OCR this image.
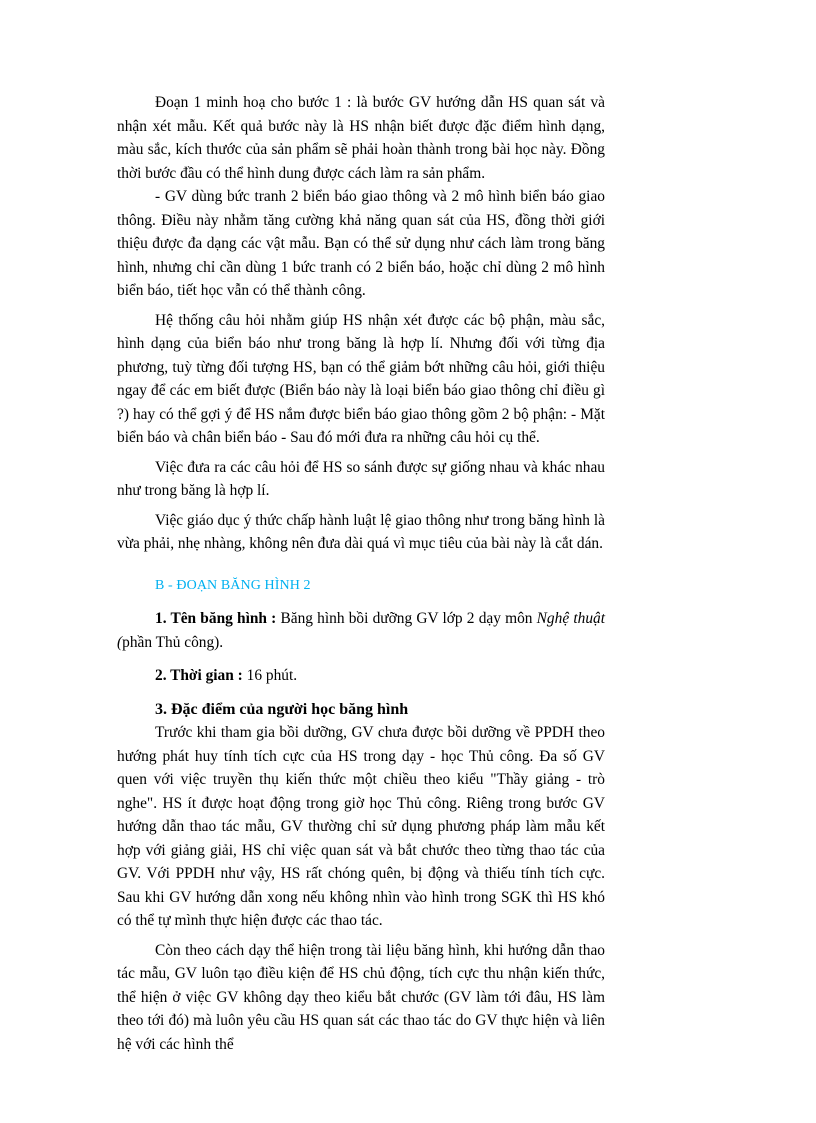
Đoạn 1 minh hoạ cho bước 1 : là bước GV hướng dẫn HS quan sát và nhận xét mẫu. Kết quả bước này là HS nhận biết được đặc điểm hình dạng, màu sắc, kích thước của sản phẩm sẽ phải hoàn thành trong bài học này. Đồng thời bước đầu có thể hình dung được cách làm ra sản phẩm.

- GV dùng bức tranh 2 biển báo giao thông và 2 mô hình biển báo giao thông. Điều này nhằm tăng cường khả năng quan sát của HS, đồng thời giới thiệu được đa dạng các vật mẫu. Bạn có thể sử dụng như cách làm trong băng hình, nhưng chỉ cần dùng 1 bức tranh có 2 biển báo, hoặc chỉ dùng 2 mô hình biển báo, tiết học vẫn có thể thành công.

Hệ thống câu hỏi nhằm giúp HS nhận xét được các bộ phận, màu sắc, hình dạng của biển báo như trong băng là hợp lí. Nhưng đối với từng địa phương, tuỳ từng đối tượng HS, bạn có thể giảm bớt những câu hỏi, giới thiệu ngay để các em biết được (Biển báo này là loại biển báo giao thông chỉ điều gì ?) hay có thể gợi ý để HS nắm được biển báo giao thông gồm 2 bộ phận: - Mặt biển báo và chân biển báo - Sau đó mới đưa ra những câu hỏi cụ thể.

Việc đưa ra các câu hỏi để HS so sánh được sự giống nhau và khác nhau như trong băng là hợp lí.

Việc giáo dục ý thức chấp hành luật lệ giao thông như trong băng hình là vừa phải, nhẹ nhàng, không nên đưa dài quá vì mục tiêu của bài này là cắt dán.

B - ĐOẠN BĂNG HÌNH 2

1. Tên băng hình : Băng hình bồi dưỡng GV lớp 2 dạy môn Nghệ thuật (phần Thủ công).

2. Thời gian : 16 phút.

3. Đặc điểm của người học băng hình

Trước khi tham gia bồi dưỡng, GV chưa được bồi dưỡng về PPDH theo hướng phát huy tính tích cực của HS trong dạy - học Thủ công. Đa số GV quen với việc truyền thụ kiến thức một chiều theo kiểu "Thầy giảng - trò nghe". HS ít được hoạt động trong giờ học Thủ công. Riêng trong bước GV hướng dẫn thao tác mẫu, GV thường chỉ sử dụng phương pháp làm mẫu kết hợp với giảng giải, HS chỉ việc quan sát và bắt chước theo từng thao tác của GV. Với PPDH như vậy, HS rất chóng quên, bị động và thiếu tính tích cực. Sau khi GV hướng dẫn xong nếu không nhìn vào hình trong SGK thì HS khó có thể tự mình thực hiện được các thao tác.

Còn theo cách dạy thể hiện trong tài liệu băng hình, khi hướng dẫn thao tác mẫu, GV luôn tạo điều kiện để HS chủ động, tích cực thu nhận kiến thức, thể hiện ở việc GV không dạy theo kiểu bắt chước (GV làm tới đâu, HS làm theo tới đó) mà luôn yêu cầu HS quan sát các thao tác do GV thực hiện và liên hệ với các hình thể
